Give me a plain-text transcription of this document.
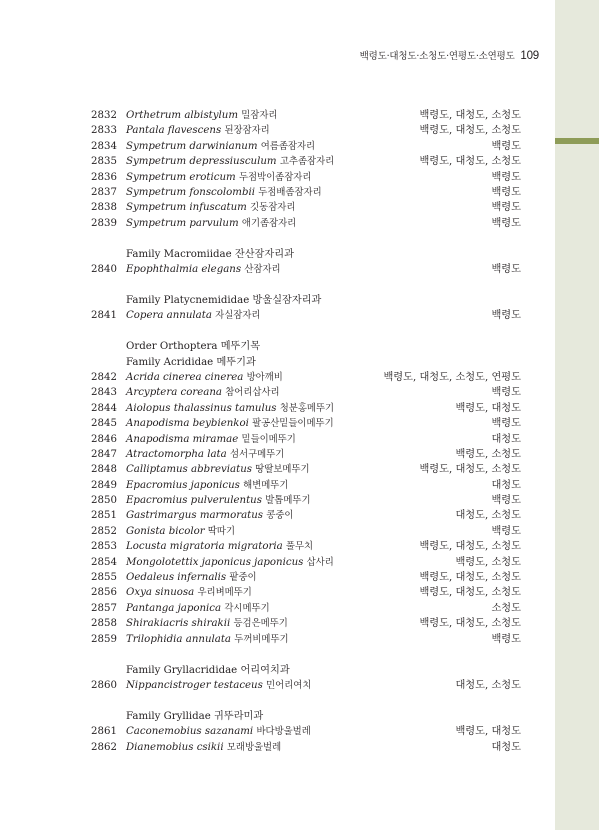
백령도·대청도·소청도·연평도·소연평도 109
2832 Orthetrum albistylum 밀잠자리	백령도, 대청도, 소청도
2833 Pantala flavescens 된장잠자리	백령도, 대청도, 소청도
2834 Sympetrum darwinianum 여름좀잠자리	백령도
2835 Sympetrum depressiusculum 고추좀잠자리	백령도, 대청도, 소청도
2836 Sympetrum eroticum 두점박이좀잠자리	백령도
2837 Sympetrum fonscolombii 두점배좀잠자리	백령도
2838 Sympetrum infuscatum 깃동잠자리	백령도
2839 Sympetrum parvulum 애기좀잠자리	백령도
Family Macromiidae 잔산잠자리과
2840 Epophthalmia elegans 산잠자리	백령도
Family Platycnemididae 방울실잠자리과
2841 Copera annulata 자실잠자리	백령도
Order Orthoptera 메뚜기목
Family Acrididae 메뚜기과
2842 Acrida cinerea cinerea 방아깨비	백령도, 대청도, 소청도, 연평도
2843 Arcyptera coreana 참어리삽사리	백령도
2844 Aiolopus thalassinus tamulus 청분홍메뚜기	백령도, 대청도
2845 Anapodisma beybienkoi 팔공산밑들이메뚜기	백령도
2846 Anapodisma miramae 밑들이메뚜기	대청도
2847 Atractomorpha lata 섬서구메뚜기	백령도, 소청도
2848 Calliptamus abbreviatus 땅딸보메뚜기	백령도, 대청도, 소청도
2849 Epacromius japonicus 해변메뚜기	대청도
2850 Epacromius pulverulentus 발톱메뚜기	백령도
2851 Gastrimargus marmoratus 콩중이	대청도, 소청도
2852 Gonista bicolor 딱따기	백령도
2853 Locusta migratoria migratoria 풀무치	백령도, 대청도, 소청도
2854 Mongolotettix japonicus japonicus 삽사리	백령도, 소청도
2855 Oedaleus infernalis 팥중이	백령도, 대청도, 소청도
2856 Oxya sinuosa 우리벼메뚜기	백령도, 대청도, 소청도
2857 Pantanga japonica 각시메뚜기	소청도
2858 Shirakiacris shirakii 등검은메뚜기	백령도, 대청도, 소청도
2859 Trilophidia annulata 두꺼비메뚜기	백령도
Family Gryllacrididae 어리여치과
2860 Nippancistroger testaceus 민어리여치	대청도, 소청도
Family Gryllidae 귀뚜라미과
2861 Caconemobius sazanami 바다방울벌레	백령도, 대청도
2862 Dianemobius csikii 모래방울벌레	대청도
